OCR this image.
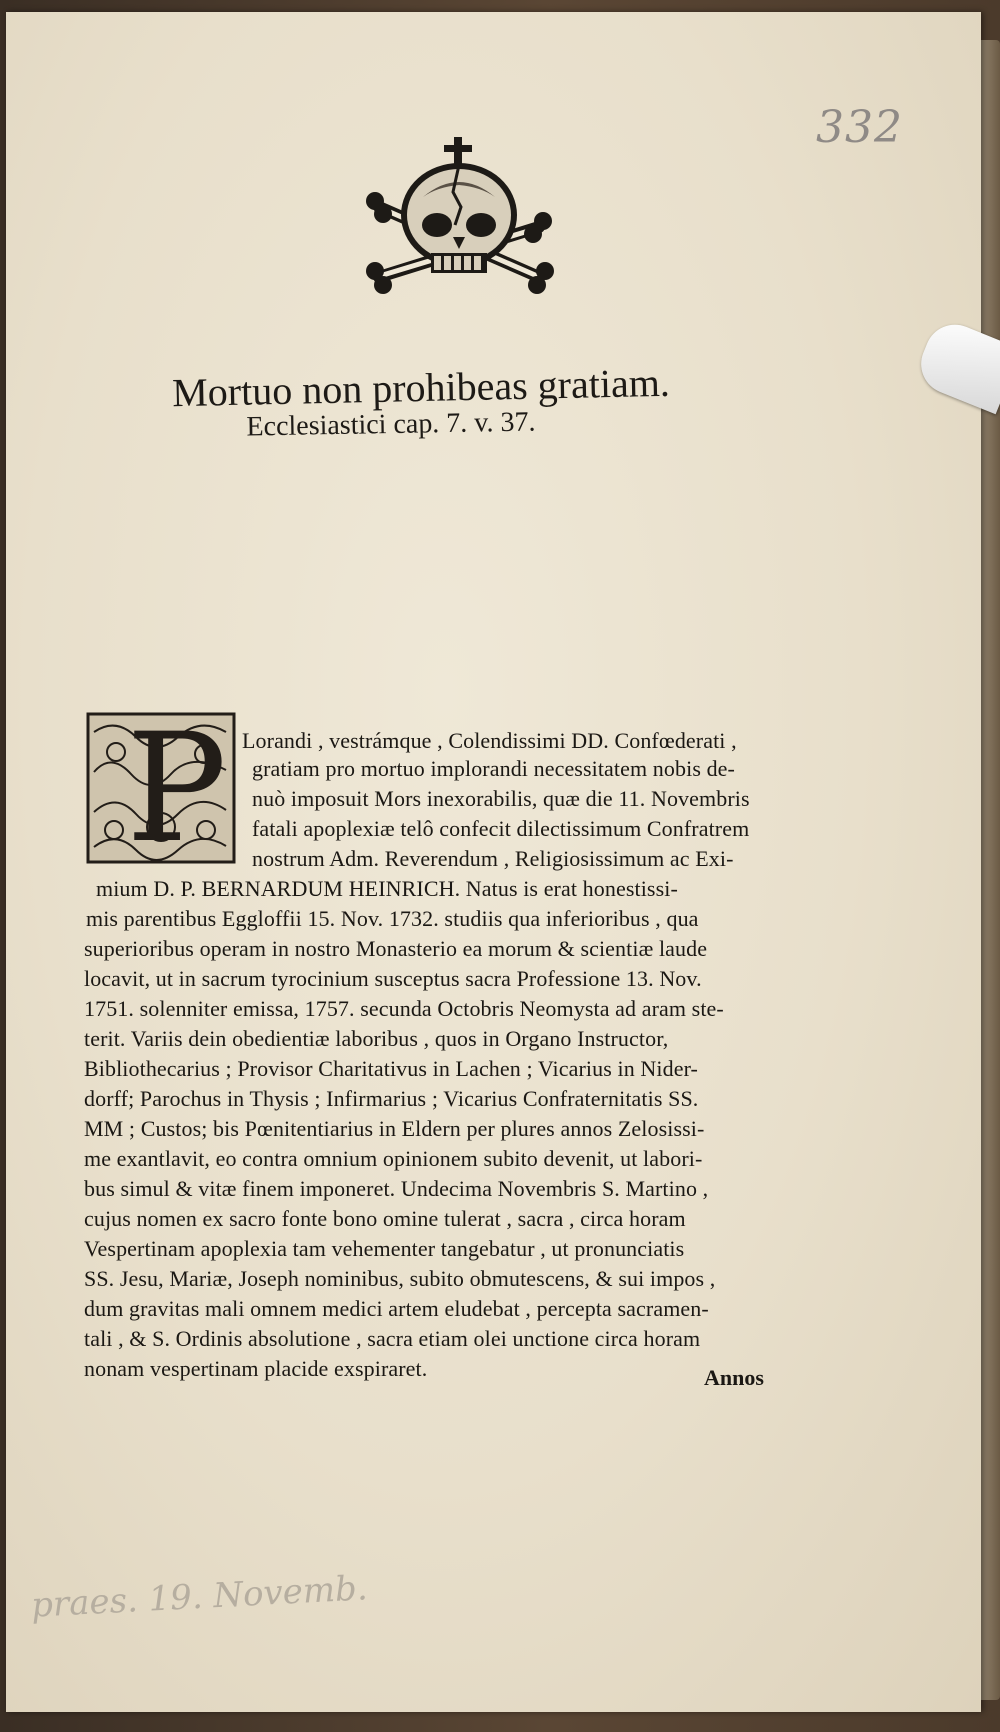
332
Mortuo non prohibeas gratiam.
Ecclesiastici cap. 7. v. 37.
P Lorandi , vestrámque , Colendissimi DD. Confœderati ,
gratiam pro mortuo implorandi necessitatem nobis de-
nuò imposuit Mors inexorabilis, quæ die 11. Novembris
fatali apoplexiæ telô confecit dilectissimum Confratrem
nostrum Adm. Reverendum , Religiosissimum ac Exi-
mium D. P. BERNARDUM HEINRICH. Natus is erat honestissi-
mis parentibus Eggloffii 15. Nov. 1732. studiis qua inferioribus , qua
superioribus operam in nostro Monasterio ea morum & scientiæ laude
locavit, ut in sacrum tyrocinium susceptus sacra Professione 13. Nov.
1751. solenniter emissa, 1757. secunda Octobris Neomysta ad aram ste-
terit. Variis dein obedientiæ laboribus , quos in Organo Instructor,
Bibliothecarius ; Provisor Charitativus in Lachen ; Vicarius in Nider-
dorff; Parochus in Thysis ; Infirmarius ; Vicarius Confraternitatis SS.
MM ; Custos; bis Pœnitentiarius in Eldern per plures annos Zelosissi-
me exantlavit, eo contra omnium opinionem subito devenit, ut labori-
bus simul & vitæ finem imponeret. Undecima Novembris S. Martino ,
cujus nomen ex sacro fonte bono omine tulerat , sacra , circa horam
Vespertinam apoplexia tam vehementer tangebatur , ut pronunciatis
SS. Jesu, Mariæ, Joseph nominibus, subito obmutescens, & sui impos ,
dum gravitas mali omnem medici artem eludebat , percepta sacramen-
tali , & S. Ordinis absolutione , sacra etiam olei unctione circa horam
nonam vespertinam placide exspiraret.	Annos
praes. 19. Novemb.
